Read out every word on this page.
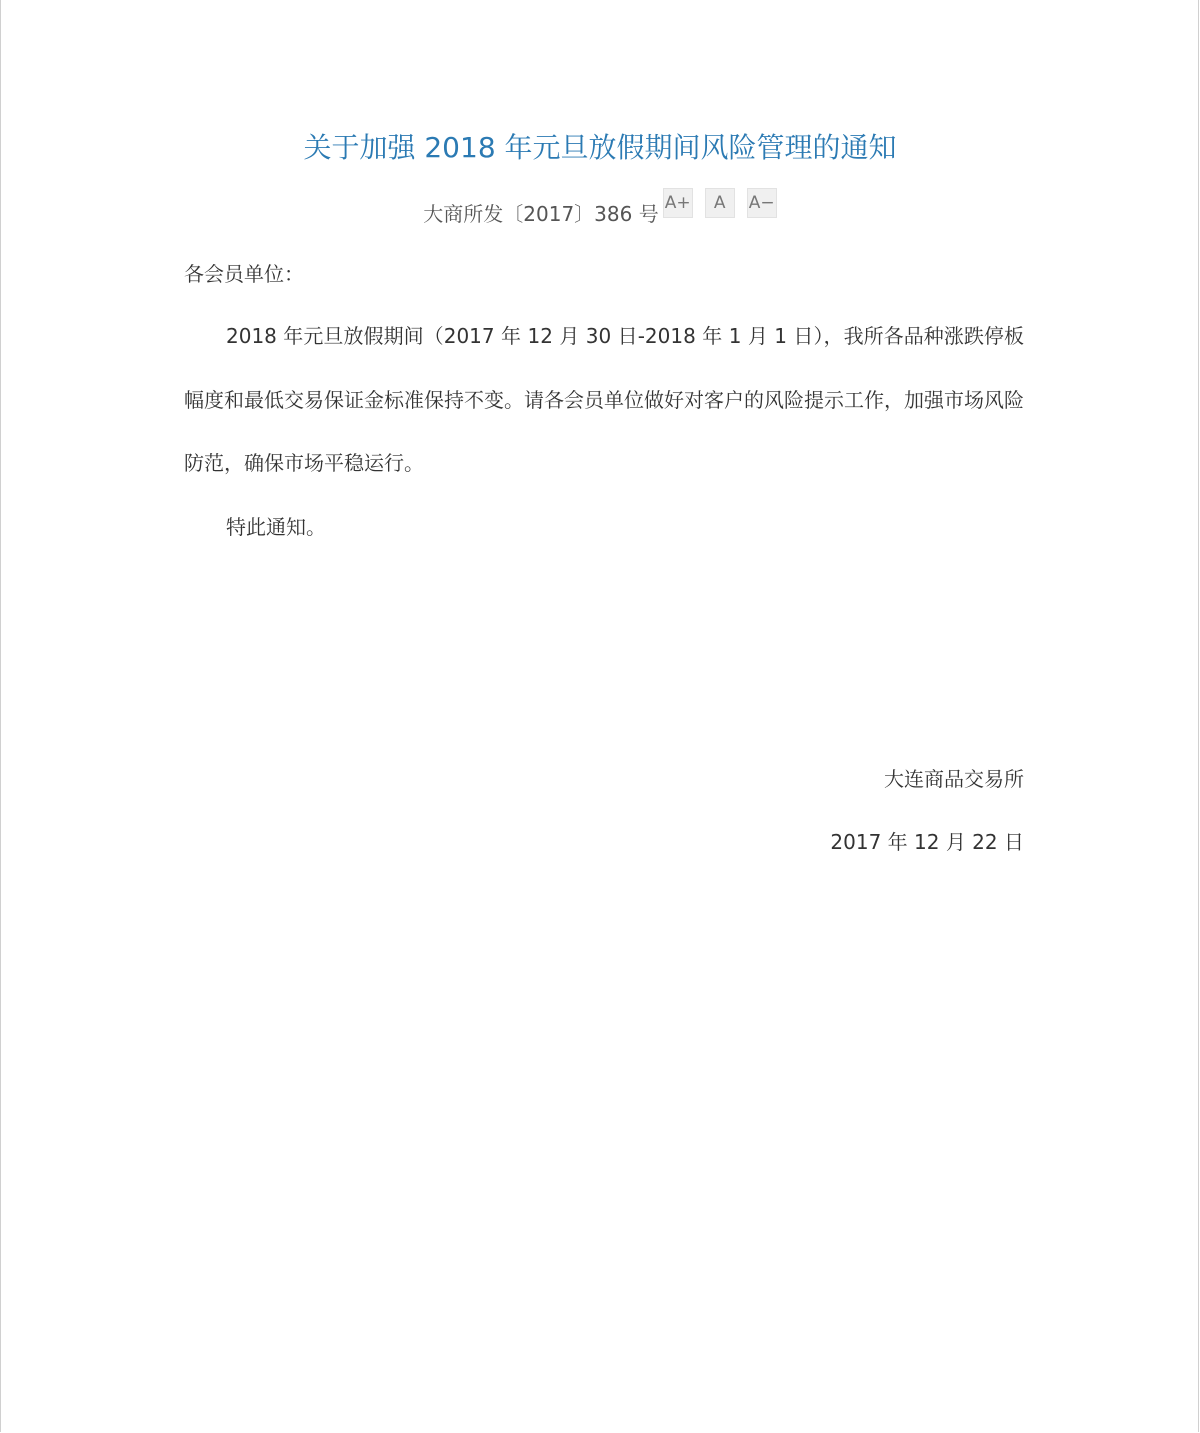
关于加强 2018 年元旦放假期间风险管理的通知
大商所发〔2017〕386 号 A+	A	A−
各会员单位：

2018 年元旦放假期间（2017 年 12 月 30 日-2018 年 1 月 1 日），我所各品种涨跌停板幅度和最低交易保证金标准保持不变。请各会员单位做好对客户的风险提示工作，加强市场风险防范，确保市场平稳运行。

特此通知。
大连商品交易所
2017 年 12 月 22 日
